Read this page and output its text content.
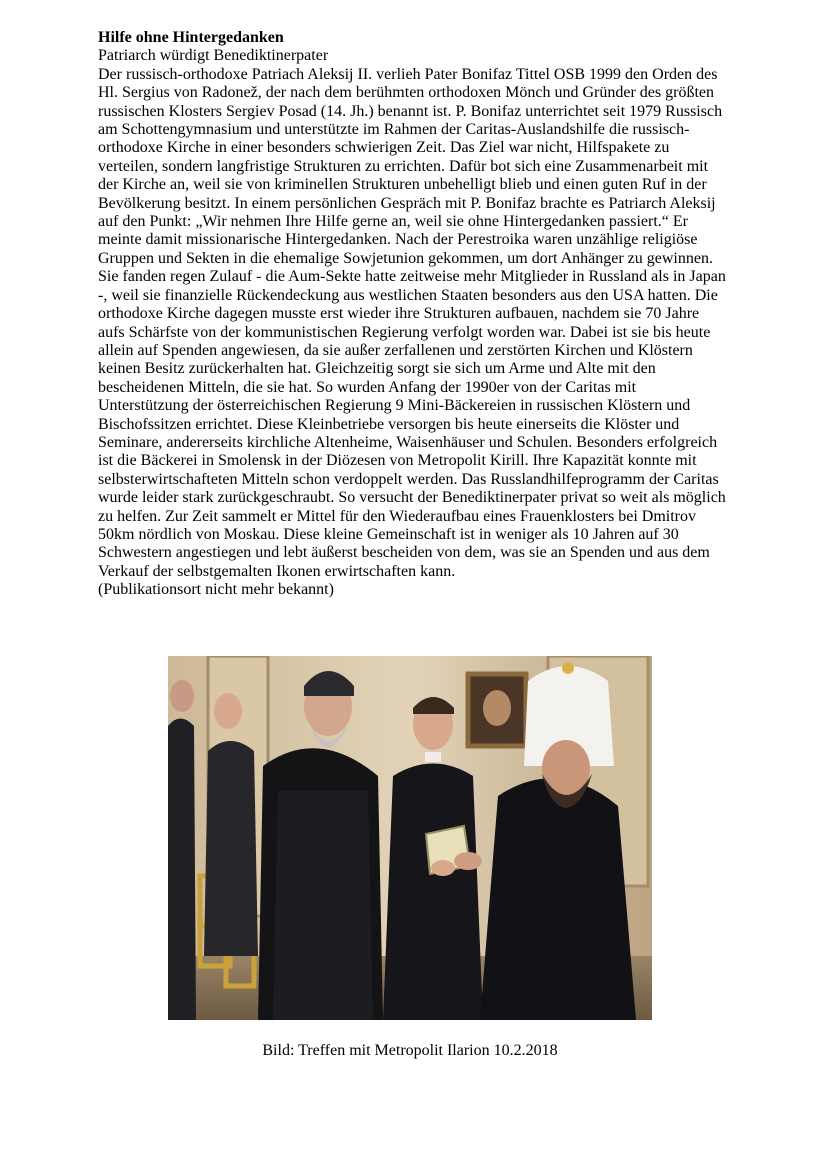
Hilfe ohne Hintergedanken

Patriarch würdigt Benediktinerpater

Der russisch-orthodoxe Patriach Aleksij II. verlieh Pater Bonifaz Tittel OSB 1999 den Orden des Hl. Sergius von Radonež, der nach dem berühmten orthodoxen Mönch und Gründer des größten russischen Klosters Sergiev Posad (14. Jh.) benannt ist. P. Bonifaz unterrichtet seit 1979 Russisch am Schottengymnasium und unterstützte im Rahmen der Caritas-Auslandshilfe die russisch-orthodoxe Kirche in einer besonders schwierigen Zeit. Das Ziel war nicht, Hilfspakete zu verteilen, sondern langfristige Strukturen zu errichten. Dafür bot sich eine Zusammenarbeit mit der Kirche an, weil sie von kriminellen Strukturen unbehelligt blieb und einen guten Ruf in der Bevölkerung besitzt. In einem persönlichen Gespräch mit P. Bonifaz brachte es Patriarch Aleksij auf den Punkt: „Wir nehmen Ihre Hilfe gerne an, weil sie ohne Hintergedanken passiert.“ Er meinte damit missionarische Hintergedanken. Nach der Perestroika waren unzählige religiöse Gruppen und Sekten in die ehemalige Sowjetunion gekommen, um dort Anhänger zu gewinnen. Sie fanden regen Zulauf - die Aum-Sekte hatte zeitweise mehr Mitglieder in Russland als in Japan -, weil sie finanzielle Rückendeckung aus westlichen Staaten besonders aus den USA hatten. Die orthodoxe Kirche dagegen musste erst wieder ihre Strukturen aufbauen, nachdem sie 70 Jahre aufs Schärfste von der kommunistischen Regierung verfolgt worden war. Dabei ist sie bis heute allein auf Spenden angewiesen, da sie außer zerfallenen und zerstörten Kirchen und Klöstern keinen Besitz zurückerhalten hat. Gleichzeitig sorgt sie sich um Arme und Alte mit den bescheidenen Mitteln, die sie hat. So wurden Anfang der 1990er von der Caritas mit Unterstützung der österreichischen Regierung 9 Mini-Bäckereien in russischen Klöstern und Bischofssitzen errichtet. Diese Kleinbetriebe versorgen bis heute einerseits die Klöster und Seminare, andererseits kirchliche Altenheime, Waisenhäuser und Schulen. Besonders erfolgreich ist die Bäckerei in Smolensk in der Diözesen von Metropolit Kirill. Ihre Kapazität konnte mit selbsterwirtschafteten Mitteln schon verdoppelt werden. Das Russlandhilfeprogramm der Caritas wurde leider stark zurückgeschraubt. So versucht der Benediktinerpater privat so weit als möglich zu helfen. Zur Zeit sammelt er Mittel für den Wiederaufbau eines Frauenklosters bei Dmitrov 50km nördlich von Moskau. Diese kleine Gemeinschaft ist in weniger als 10 Jahren auf 30 Schwestern angestiegen und lebt äußerst bescheiden von dem, was sie an Spenden und aus dem Verkauf der selbstgemalten Ikonen erwirtschaften kann.

(Publikationsort nicht mehr bekannt)

Bild: Treffen mit Metropolit Ilarion 10.2.2018
